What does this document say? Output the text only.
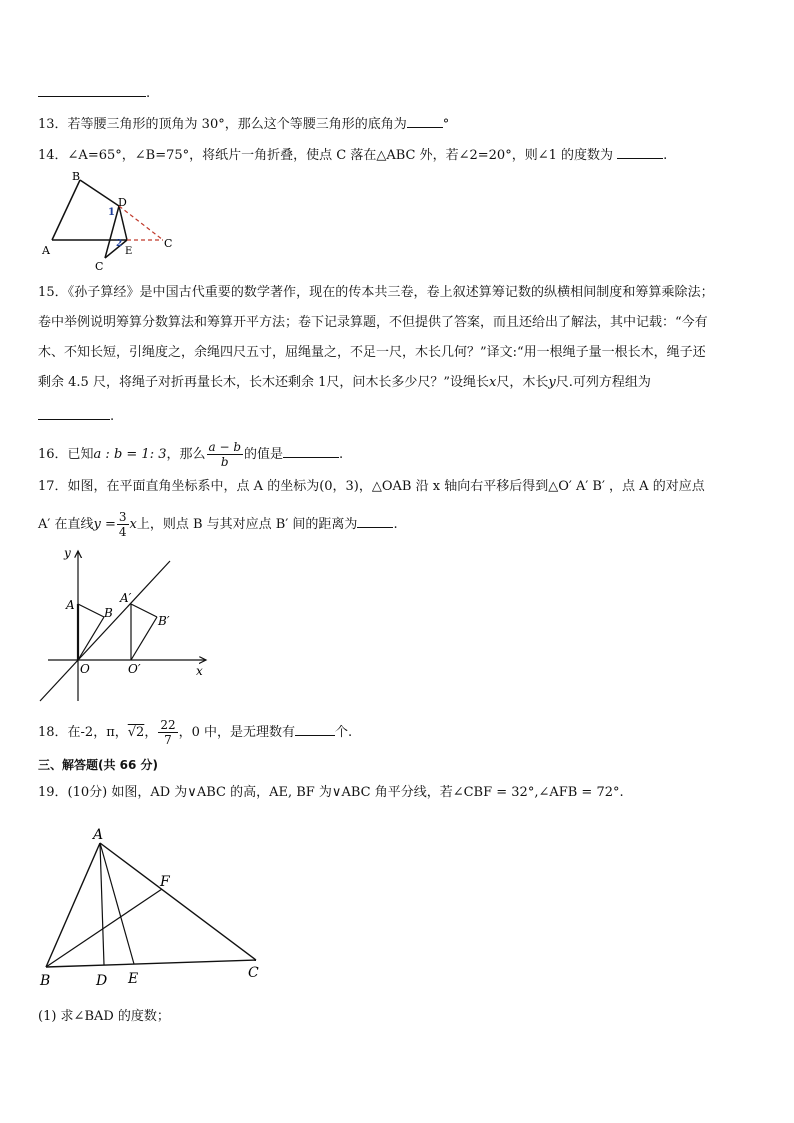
.
13．若等腰三角形的顶角为 30°，那么这个等腰三角形的底角为	°
14．∠A=65°，∠B=75°，将纸片一角折叠，使点 C 落在△ABC 外，若∠2=20°，则∠1 的度数为	.
A
B
D
E
C
C
1
2
15．《孙子算经》是中国古代重要的数学著作，现在的传本共三卷，卷上叙述算筹记数的纵横相间制度和筹算乘除法；
卷中举例说明筹算分数算法和筹算开平方法；卷下记录算题，不但提供了答案，而且还给出了解法，其中记载：“今有
木、不知长短，引绳度之，余绳四尺五寸，屈绳量之，不足一尺，木长几何？”译文:“用一根绳子量一根长木，绳子还
剩余 4.5 尺，将绳子对折再量长木，长木还剩余 1尺，问木长多少尺？”设绳长x尺，木长y尺.可列方程组为
.
16．已知a : b = 1: 3，那么 $\frac{a - b}{b}$ 的值是	.
17．如图，在平面直角坐标系中，点 A 的坐标为(0，3)，△OAB 沿 x 轴向右平移后得到△O′ A′ B′ ，点 A 的对应点
A′ 在直线$y = \frac{3}{4}$ x上，则点 B 与其对应点 B′ 间的距离为	.
y
x
O	O′
A
B
A′
B′
18．在-2，π，√2， $\frac{22}{7}$ ，0 中，是无理数有	个.
三、解答题(共 66 分)
19．(10分) 如图，AD 为∨ABC 的高，AE, BF 为∨ABC 角平分线，若∠CBF = 32°,∠AFB = 72°.
A
B	C
D E
F
(1) 求∠BAD 的度数；
